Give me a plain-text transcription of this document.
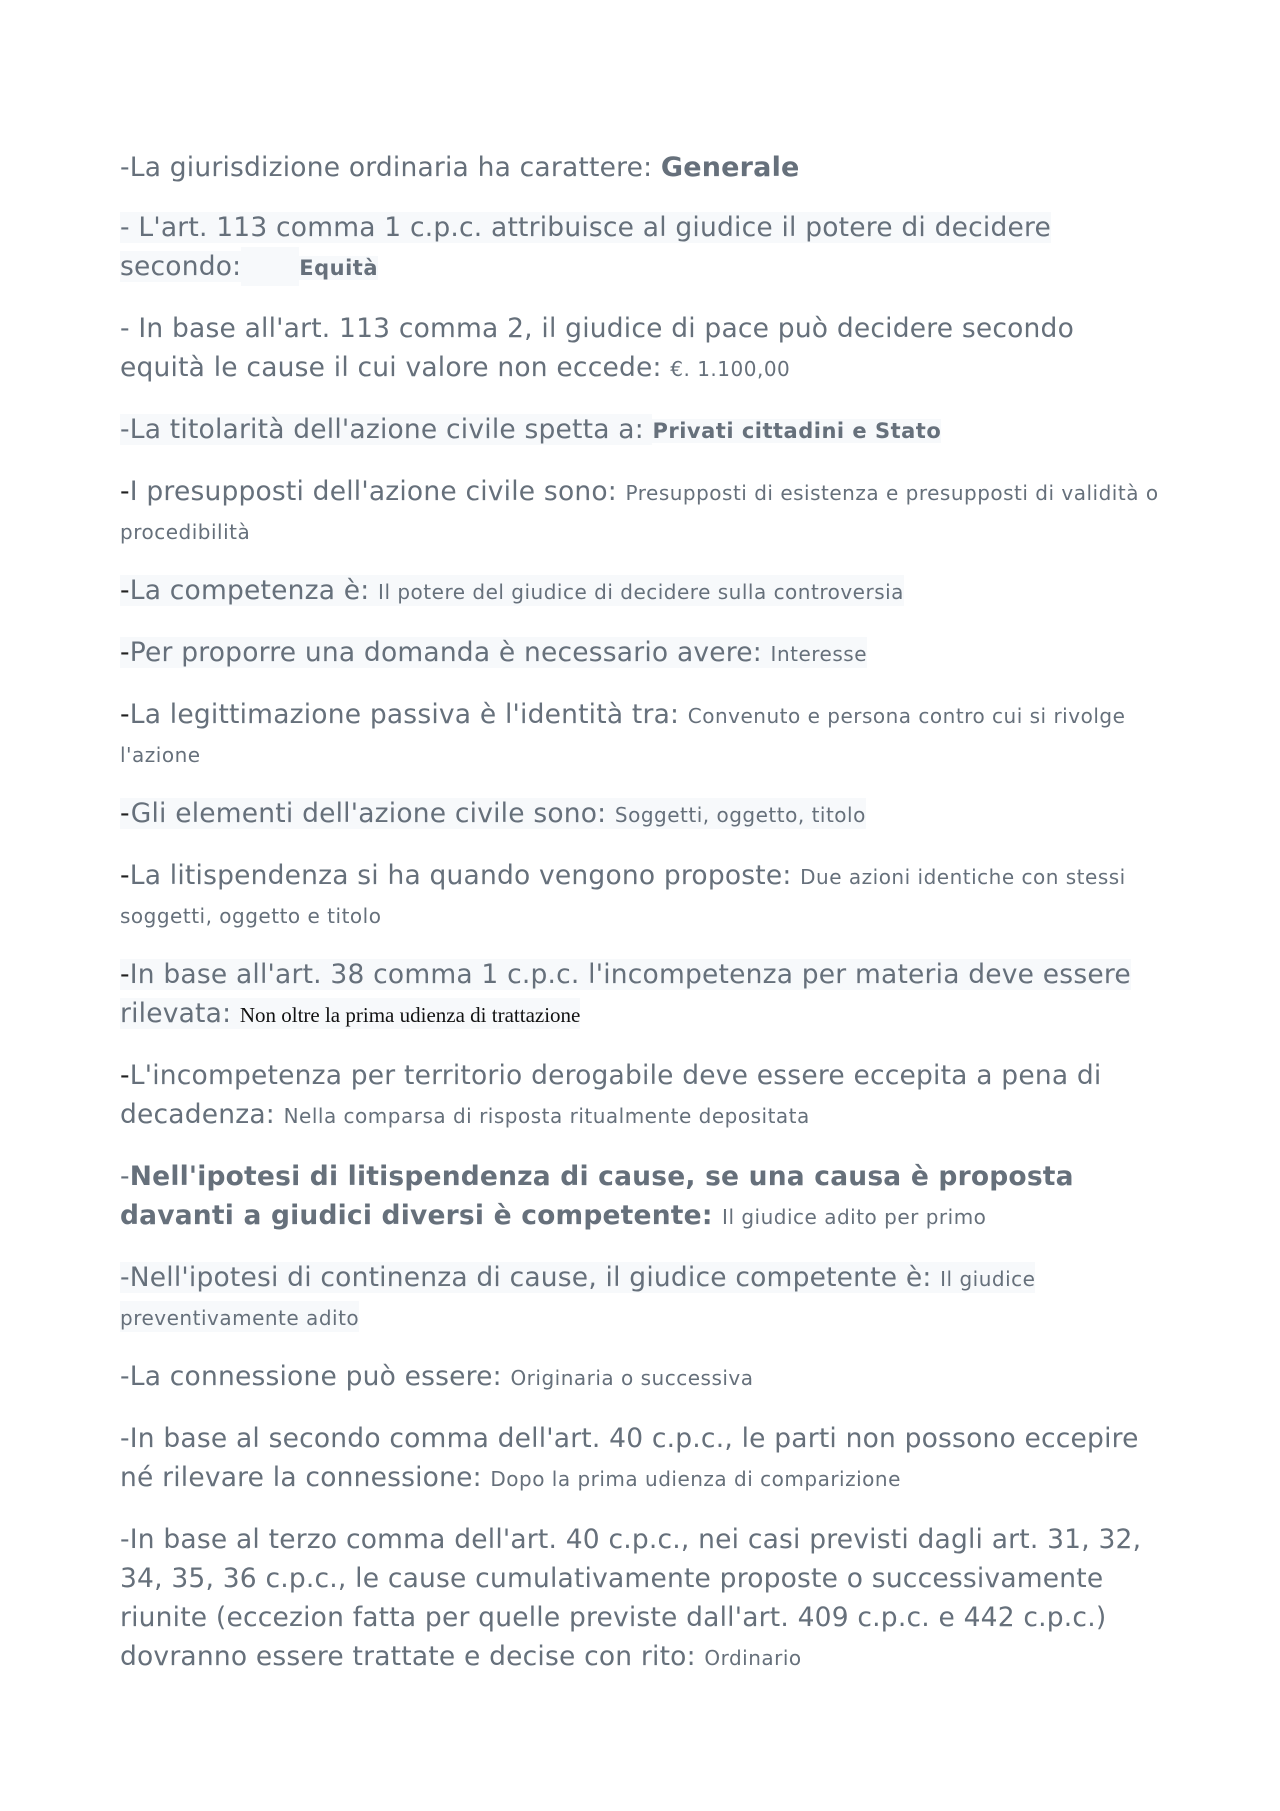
-La giurisdizione ordinaria ha carattere: Generale
- L'art. 113 comma 1 c.p.c. attribuisce al giudice il potere di decidere secondo:	Equità
- In base all'art. 113 comma 2, il giudice di pace può decidere secondo equità le cause il cui valore non eccede: €. 1.100,00
-La titolarità dell'azione civile spetta a: Privati cittadini e Stato
-I presupposti dell'azione civile sono: Presupposti di esistenza e presupposti di validità o procedibilità
-La competenza è: Il potere del giudice di decidere sulla controversia
-Per proporre una domanda è necessario avere: Interesse
-La legittimazione passiva è l'identità tra: Convenuto e persona contro cui si rivolge l'azione
-Gli elementi dell'azione civile sono: Soggetti, oggetto, titolo
-La litispendenza si ha quando vengono proposte: Due azioni identiche con stessi soggetti, oggetto e titolo
-In base all'art. 38 comma 1 c.p.c. l'incompetenza per materia deve essere rilevata: Non oltre la prima udienza di trattazione
-L'incompetenza per territorio derogabile deve essere eccepita a pena di decadenza: Nella comparsa di risposta ritualmente depositata
-Nell'ipotesi di litispendenza di cause, se una causa è proposta davanti a giudici diversi è competente: Il giudice adito per primo
-Nell'ipotesi di continenza di cause, il giudice competente è: Il giudice preventivamente adito
-La connessione può essere: Originaria o successiva
-In base al secondo comma dell'art. 40 c.p.c., le parti non possono eccepire né rilevare la connessione: Dopo la prima udienza di comparizione
-In base al terzo comma dell'art. 40 c.p.c., nei casi previsti dagli art. 31, 32, 34, 35, 36 c.p.c., le cause cumulativamente proposte o successivamente riunite (eccezion fatta per quelle previste dall'art. 409 c.p.c. e 442 c.p.c.) dovranno essere trattate e decise con rito: Ordinario
